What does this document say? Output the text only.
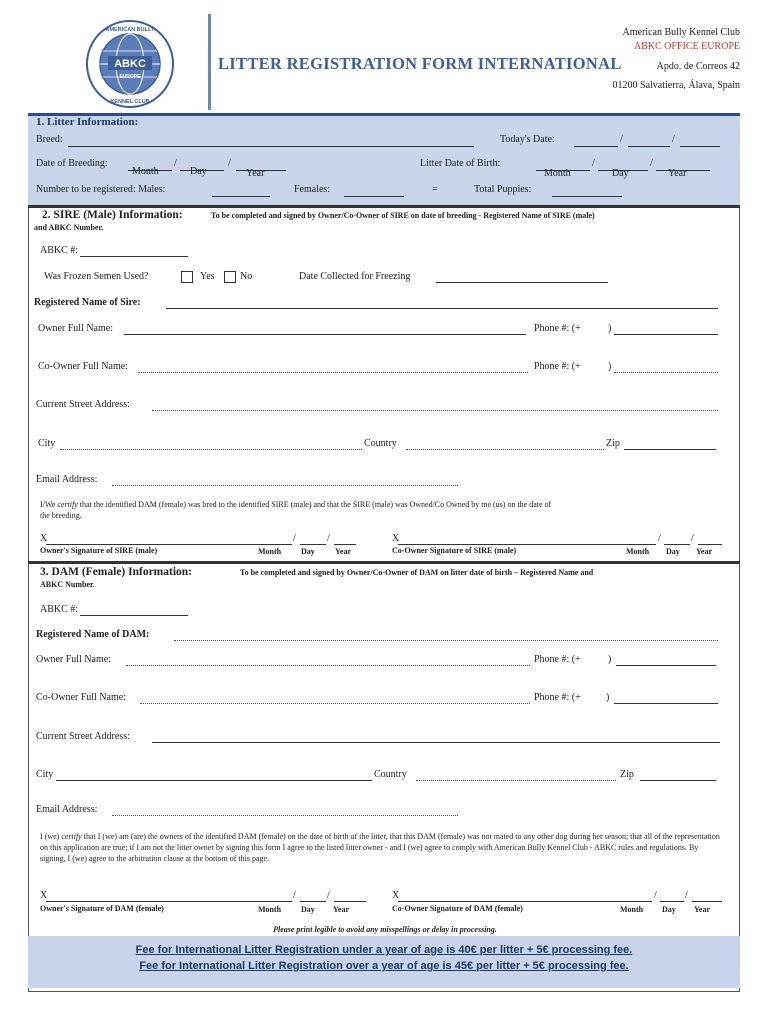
ABKC
EUROPE
AMERICAN BULLY
KENNEL CLUB
LITTER REGISTRATION FORM INTERNATIONAL
American Bully Kennel Club
ABKC OFFICE EUROPE
Apdo. de Correos 42
01200 Salvatierra, Álava, Spain
1. Litter Information:
Breed:	Today's Date:	/	/
Date of Breeding:	/	/
Month	Day	Year
Litter Date of Birth:	/	/
Month	Day	Year
Number to be registered: Males:	Females:	=	Total Puppies:
2. SIRE (Male) Information:	To be completed and signed by Owner/Co-Owner of SIRE on date of breeding - Registered Name of SIRE (male)
and ABKC Number.
ABKC #:
Was Frozen Semen Used?	Yes	No	Date Collected for Freezing
Registered Name of Sire:
Owner Full Name:	Phone #: (+	)
Co-Owner Full Name:	Phone #: (+	)
Current Street Address:
City	Country	Zip
Email Address:
I/We certify that the identified DAM (female) was bred to the identified SIRE (male) and that the SIRE (male) was Owned/Co Owned by me (us) on the date of
the breeding.
X	/	/
Owner's Signature of SIRE (male)	Month Day	Year
X	/	/
Co-Owner Signature of SIRE (male)	Month Day Year
3. DAM (Female) Information:	To be completed and signed by Owner/Co-Owner of DAM on litter date of birth – Registered Name and
ABKC Number.
ABKC #:
Registered Name of DAM:
Owner Full Name:	Phone #: (+	)
Co-Owner Full Name:	Phone #: (+	)
Current Street Address:
City	Country	Zip
Email Address:
I (we) certify that I (we) am (are) the owners of the identified DAM (female) on the date of birth of the litter, that this DAM (female) was not mated to any other dog during her season; that all of the representation on this application are true; if I am not the litter owner by signing this form I agree to the listed litter owner - and I (we) agree to comply with American Bully Kennel Club - ABKC rules and regulations. By signing, I (we) agree to the arbitration clause at the bottom of this page.
X	/	/
Owner's Signature of DAM (female)	Month Day Year
X	/	/
Co-Owner Signature of DAM (female)	Month Day Year
Please print legible to avoid any misspellings or delay in processing.
Fee for International Litter Registration under a year of age is 40€ per litter + 5€ processing fee.
Fee for International Litter Registration over a year of age is 45€ per litter + 5€ processing fee.
